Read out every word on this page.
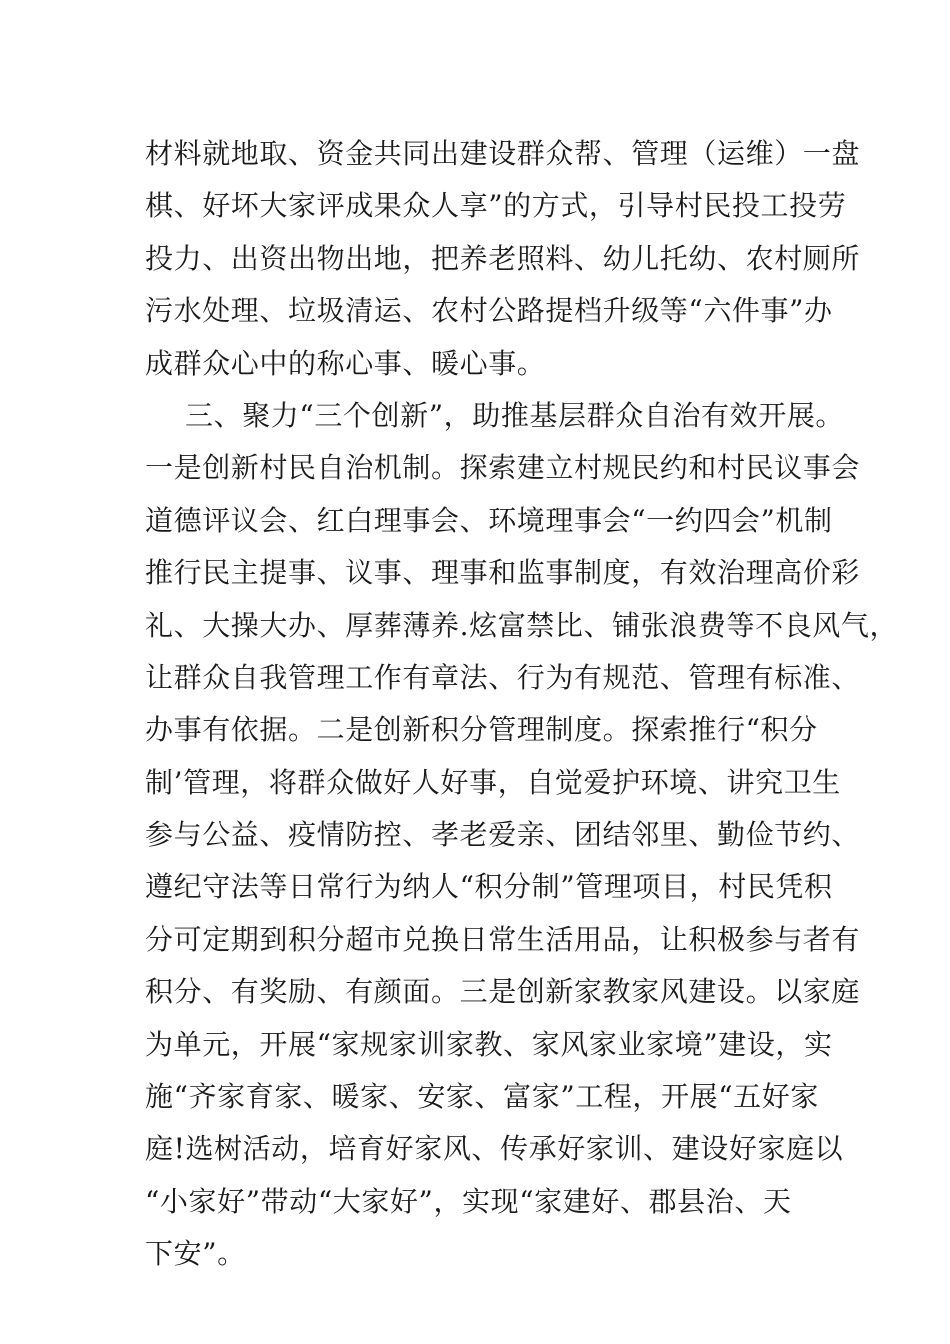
材料就地取、资金共同出建设群众帮、管理（运维）一盘
棋、好坏大家评成果众人享”的方式，引导村民投工投劳
投力、出资出物出地，把养老照料、幼儿托幼、农村厕所
污水处理、垃圾清运、农村公路提档升级等“六件事”办
成群众心中的称心事、暖心事。
三、聚力“三个创新”，助推基层群众自治有效开展。
一是创新村民自治机制。探索建立村规民约和村民议事会
道德评议会、红白理事会、环境理事会“一约四会”机制
推行民主提事、议事、理事和监事制度，有效治理高价彩
礼、大操大办、厚葬薄养.炫富禁比、铺张浪费等不良风气，
让群众自我管理工作有章法、行为有规范、管理有标准、
办事有依据。二是创新积分管理制度。探索推行“积分
制’管理，将群众做好人好事，自觉爱护环境、讲究卫生
参与公益、疫情防控、孝老爱亲、团结邻里、勤俭节约、
遵纪守法等日常行为纳人“积分制”管理项目，村民凭积
分可定期到积分超市兑换日常生活用品，让积极参与者有
积分、有奖励、有颜面。三是创新家教家风建设。以家庭
为单元，开展“家规家训家教、家风家业家境”建设，实
施“齐家育家、暖家、安家、富家”工程，开展“五好家
庭!选树活动，培育好家风、传承好家训、建设好家庭以
“小家好”带动“大家好”，实现“家建好、郡县治、天
下安”。
